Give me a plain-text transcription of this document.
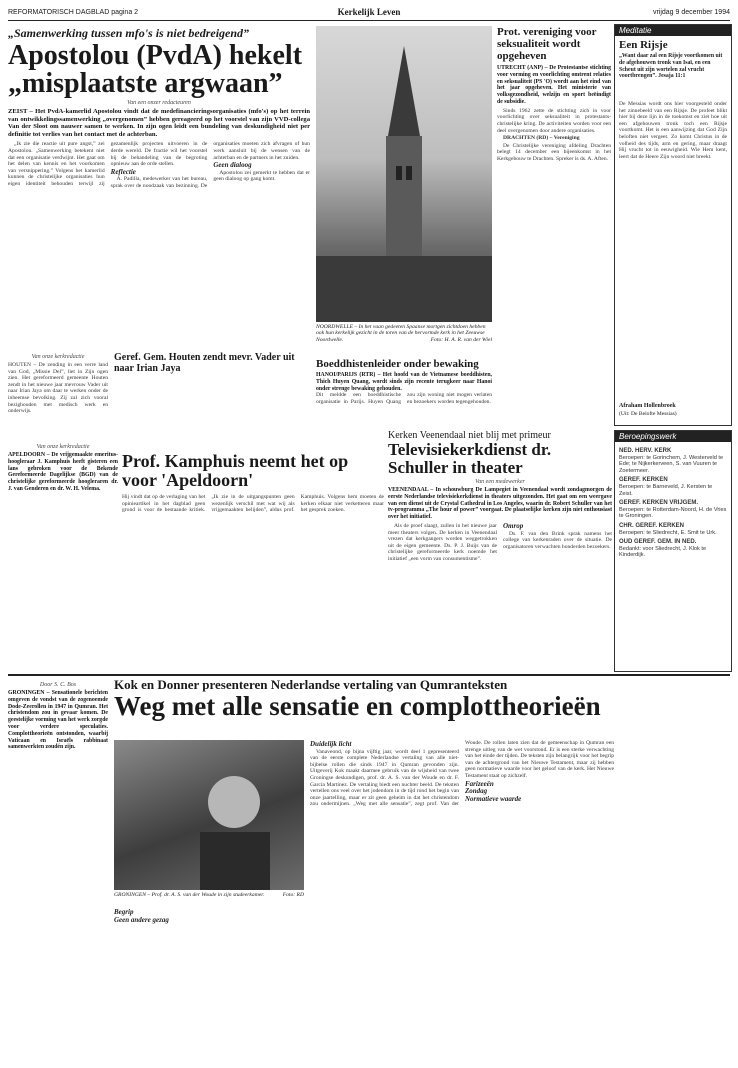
REFORMATORISCH DAGBLAD pagina 2	Kerkelijk Leven	vrijdag 9 december 1994
„Samenwerking tussen mfo's is niet bedreigend”
Apostolou (PvdA) hekelt „misplaatste argwaan”
Van een onzer redacteuren
ZEIST – Het PvdA-kamerlid Apostolou vindt dat de medefinancieringsorganisaties (mfo's) op het terrein van ontwikkelingssamenwerking „overgenomen” hebben gereageerd op het voorstel van zijn VVD-collega Van der Sloot om nauwer samen te werken. In zijn ogen leidt een bundeling van deskundigheid niet per definitie tot verlies van het contact met de achterban.

„Ik zie die reactie uit pure angst,” zei Apostolou. „Samenwerking betekent niet dat een organisatie verdwijnt. Het gaat om het delen van kennis en het voorkomen van versnippering.” Volgens het kamerlid kunnen de christelijke organisaties hun eigen identiteit behouden terwijl zij gezamenlijk projecten uitvoeren in de derde wereld. De fractie wil het voorstel bij de behandeling van de begroting opnieuw aan de orde stellen.

Reflectie

A. Padilla, medewerker van het bureau, sprak over de noodzaak van bezinning. De organisaties moeten zich afvragen of hun werk aansluit bij de wensen van de achterban en de partners in het zuiden.

Geen dialoog

Apostolou zei gemerkt te hebben dat er geen dialoog op gang komt.

NOORDWELLE – In het vaan gedeeten Spaanse mortgen zichtdoen hebben ook hun kerkelijk gezicht in de toren van de hervormde kerk in het Zeeuwse Noordwelle.	Foto: H. A. R. van der Wiel
Prot. vereniging voor seksualiteit wordt opgeheven
UTRECHT (ANP) – De Protestantse stichting voor vorming en voorlichting omtrent relaties en seksualiteit (PS 'O) wordt aan het eind van het jaar opgeheven. Het ministerie van volksgezondheid, welzijn en sport beëindigt de subsidie.

Sinds 1962 zette de stichting zich in voor voorlichting over seksualiteit in protestants-christelijke kring. De activiteiten worden voor een deel overgenomen door andere organisaties.

DRACHTEN (RD) – Vereniging

De Christelijke vereniging afdeling Drachten belegt 14 december een bijeenkomst in het Kerkgebouw te Drachten. Spreker is ds. A. Aften.

Meditatie
Een Rijsje
„Want daar zal een Rijsje voortkomen uit de afgehouwen tronk van Isaï, en een Scheut uit zijn wortelen zal vrucht voortbrengen”. Jesaja 11:1
De Messias wordt ons hier voorgesteld onder het zinnebeeld van een Rijsje. De profeet blikt hier bij deze lijn in de toekomst en ziet hoe uit een afgehouwen tronk toch een Rijsje voortkomt. Het is een aanwijzing dat God Zijn beloften niet vergeet. Zo komt Christus in de volheid des tijds, arm en gering, maar draagt Hij vrucht tot in eeuwigheid. Wie Hem kent, leert dat de Heere Zijn woord niet breekt.
Afraham Hollenbroek
(Uit: De Belofte Messias)
Van onze kerkredactie
HOUTEN – De zending in een verre land van God, „Missie Del”, liet in Zijn ogen zien. Het gereformeerd gemeente Houten zendt in het nieuwe jaar mevrouw Vader uit naar Irian Jaya om daar te werken onder de inheemse bevolking. Zij zal zich vooral bezighouden met medisch werk en onderwijs.
Geref. Gem. Houten zendt mevr. Vader uit naar Irian Jaya	Boeddhistenleider onder bewaking
HANOI/PARIJS (RTR) – Het hoofd van de Vietnamese boeddhisten, Thich Huyen Quang, wordt sinds zijn recente terugkeer naar Hanoi onder strenge bewaking gehouden.
Dit meldde een boeddhistische organisatie in Parijs. Huyen Quang zou zijn woning niet mogen verlaten en bezoekers worden tegengehouden.
Kerken Veenendaal niet blij met primeur
Televisiekerkdienst dr. Schuller in theater
Van een medewerker
VEENENDAAL – In schouwburg De Lampegiet in Veenendaal wordt zondagmorgen de eerste Nederlandse televisiekerkdienst in theaters uitgezonden. Het gaat om een weergave van een dienst uit de Crystal Cathedral in Los Angeles, waarin dr. Robert Schuller van het tv-programma „The hour of power” voorgaat. De plaatselijke kerken zijn niet enthousiast over het initiatief.

Als de proef slaagt, zullen in het nieuwe jaar meer theaters volgen. De kerken in Veenendaal vrezen dat kerkgangers worden weggetrokken uit de eigen gemeente. Ds. P. J. Buijs van de christelijke gereformeerde kerk noemde het initiatief „een vorm van consumentisme”.

Omrop

Ds. F. van den Brink sprak namens het college van kerkenraden over de situatie. De organisatoren verwachten honderden bezoekers.

Van onze kerkredactie
APELDOORN – De vrijgemaakte emeritus-hoogleraar J. Kamphuis heeft gisteren een lans gebroken voor de Bekende Gereformeerde Dagelijkse (BGD) van de christelijke gereformeerde hoogleraren dr. J. van Genderen en dr. W. H. Velema.
Prof. Kamphuis neemt het op voor 'Apeldoorn'
Hij vindt dat op de verlaging van het opinieartikel in het dagblad geen grond is voor de bestaande kritiek. „Ik zie in de uitgangspunten geen wezenlijk verschil met wat wij als vrijgemaakten belijden”, aldus prof. Kamphuis. Volgens hem moeten de kerken elkaar niet verketteren maar het gesprek zoeken.
Beroepingswerk
NED. HERV. KERK
Beroepen: te Gorinchem, J. Westerveld te Ede; te Nijkerkerveen, S. van Vuuren te Zoetermeer.
GEREF. KERKEN
Beroepen: te Barneveld, J. Kersten te Zeist.
GEREF. KERKEN VRIJGEM.
Beroepen: te Rotterdam-Noord, H. de Vries te Groningen.
CHR. GEREF. KERKEN
Beroepen: te Sliedrecht, E. Smit te Urk.
OUD GEREF. GEM. IN NED.
Bedankt: voor Sliedrecht, J. Klok te Kinderdijk.
Door S. C. Bos
GRONINGEN – Sensationele berichten omgeven de vondst van de zogenoemde Dode-Zeerollen in 1947 in Qumran. Het christendom zou in gevaar komen. De geestelijke vorming van het werk zorgde voor verdere speculaties. Complottheorieën ontstonden, waarbij Vaticaan en Israëls rabbinaat samenwerkten zoudén zijn.
Kok en Donner presenteren Nederlandse vertaling van Qumranteksten
Weg met alle sensatie en complottheorieën
GRONINGEN – Prof. dr. A. S. van der Woude in zijn studeerkamer.	Foto: RD
Duidelijk licht

Vanaveond, op bijna vijftig jaar, wordt deel 1 gepresenteerd van de eerste complete Nederlandse vertaling van alle niet-bijbelse rollen die sinds 1947 in Qumran gevonden zijn. Uitgeverij Kok maakt daarmee gebruik van de wijsheid van twee Groningse deskundigen, prof. dr. A. S. van der Woude en dr. F. García Martínez. De vertaling biedt een nuchter beeld. De teksten vertellen ons veel over het jodendom in de tijd rond het begin van onze jaartelling, maar er zit geen geheim in dat het christendom zou ondermijnen. „Weg met alle sensatie”, zegt prof. Van der Woude. De rollen laten zien dat de gemeenschap in Qumran een strenge uitleg van de wet voorstond. Er is een sterke verwachting van het einde der tijden. De teksten zijn belangrijk voor het begrip van de achtergrond van het Nieuwe Testament, maar zij hebben geen normatieve waarde voor het geloof van de kerk. Het Nieuwe Testament staat op zichzelf.

Farizeeën
Zondag
Normatieve waarde
Begrip
Geen andere gezag
